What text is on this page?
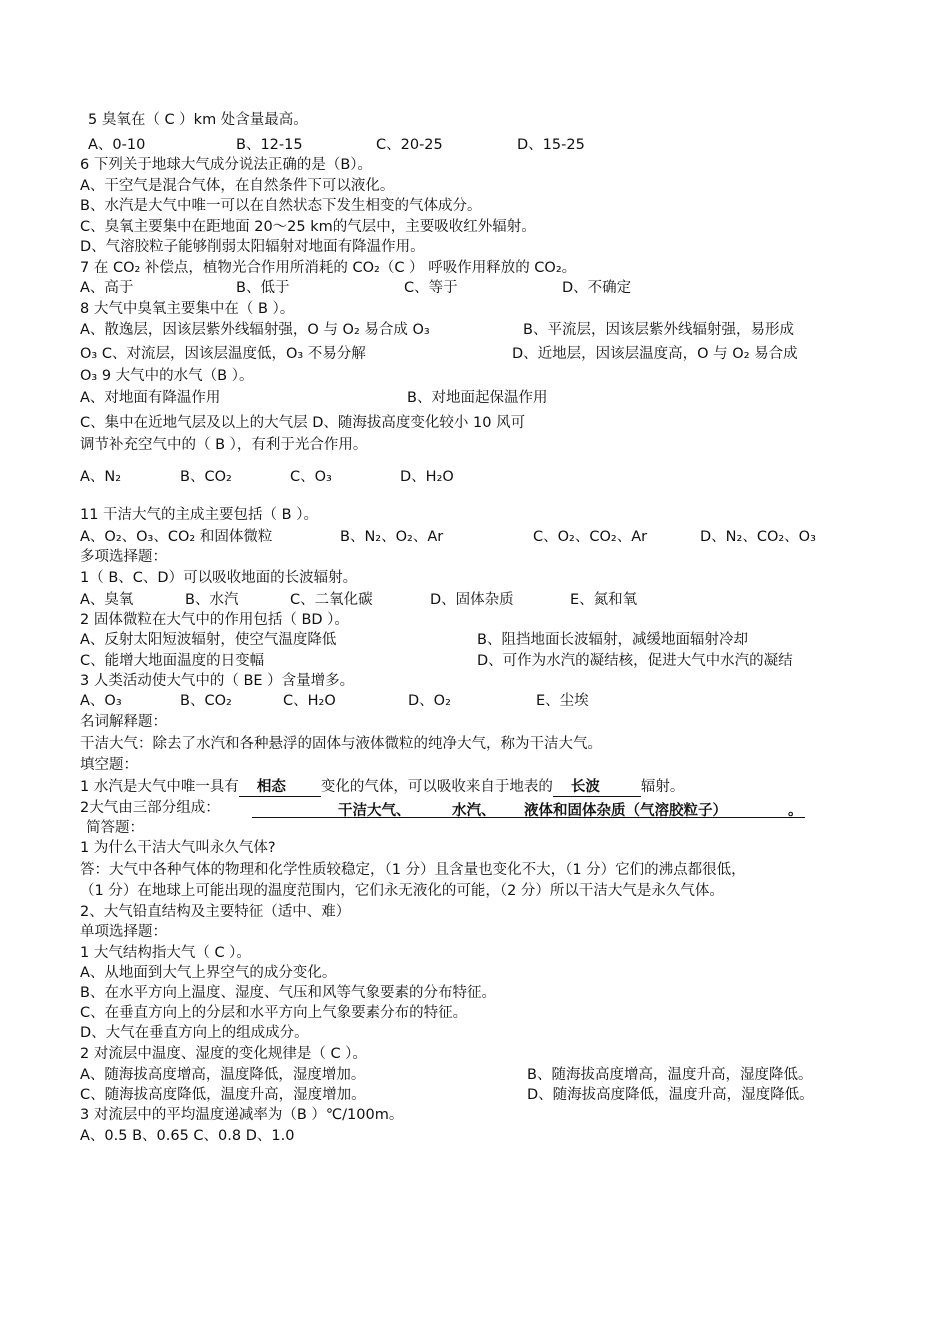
5 臭氧在（ C ）km 处含量最高。
A、0-10	B、12-15	C、20-25	D、15-25
6 下列关于地球大气成分说法正确的是（B）。
A、干空气是混合气体，在自然条件下可以液化。
B、水汽是大气中唯一可以在自然状态下发生相变的气体成分。
C、臭氧主要集中在距地面 20～25 km的气层中，主要吸收红外辐射。
D、气溶胶粒子能够削弱太阳辐射对地面有降温作用。
7 在 CO₂ 补偿点，植物光合作用所消耗的 CO₂（C ） 呼吸作用释放的 CO₂。
A、高于	B、低于	C、等于	D、不确定
8 大气中臭氧主要集中在（ B ）。
A、散逸层，因该层紫外线辐射强，O 与 O₂ 易合成 O₃	B、平流层，因该层紫外线辐射强，易形成
O₃ C、对流层，因该层温度低，O₃ 不易分解	D、近地层，因该层温度高，O 与 O₂ 易合成
O₃ 9 大气中的水气（B ）。
A、对地面有降温作用	B、对地面起保温作用
C、集中在近地气层及以上的大气层 D、随海拔高度变化较小 10 风可
调节补充空气中的（ B ），有利于光合作用。
A、N₂	B、CO₂	C、O₃	D、H₂O
11 干洁大气的主成主要包括（ B ）。
A、O₂、O₃、CO₂ 和固体微粒	B、N₂、O₂、Ar	C、O₂、CO₂、Ar	D、N₂、CO₂、O₃
多项选择题：
1（ B、C、D）可以吸收地面的长波辐射。
A、臭氧	B、水汽	C、二氧化碳	D、固体杂质	E、氮和氧
2 固体微粒在大气中的作用包括（ BD ）。
A、反射太阳短波辐射，使空气温度降低	B、阻挡地面长波辐射，减缓地面辐射冷却
C、能增大地面温度的日变幅	D、可作为水汽的凝结核，促进大气中水汽的凝结
3 人类活动使大气中的（ BE ）含量增多。
A、O₃	B、CO₂	C、H₂O	D、O₂	E、尘埃
名词解释题：
干洁大气：除去了水汽和各种悬浮的固体与液体微粒的纯净大气，称为干洁大气。
填空题：
1 水汽是大气中唯一具有 相态 变化的气体，可以吸收来自于地表的 长波	辐射。
2大气由三部分组成：	干洁大气、	水汽、 液体和固体杂质（气溶胶粒子）	。
简答题：
1 为什么干洁大气叫永久气体?
答：大气中各种气体的物理和化学性质较稳定，（1 分）且含量也变化不大，（1 分）它们的沸点都很低，
（1 分）在地球上可能出现的温度范围内，它们永无液化的可能，（2 分）所以干洁大气是永久气体。
2、大气铅直结构及主要特征（适中、难）
单项选择题：
1 大气结构指大气（ C ）。
A、从地面到大气上界空气的成分变化。
B、在水平方向上温度、湿度、气压和风等气象要素的分布特征。
C、在垂直方向上的分层和水平方向上气象要素分布的特征。
D、大气在垂直方向上的组成成分。
2 对流层中温度、湿度的变化规律是（ C ）。
A、随海拔高度增高，温度降低，湿度增加。	B、随海拔高度增高，温度升高，湿度降低。
C、随海拔高度降低，温度升高，湿度增加。	D、随海拔高度降低，温度升高，湿度降低。
3 对流层中的平均温度递减率为（B ）℃/100m。
A、0.5 B、0.65 C、0.8 D、1.0
